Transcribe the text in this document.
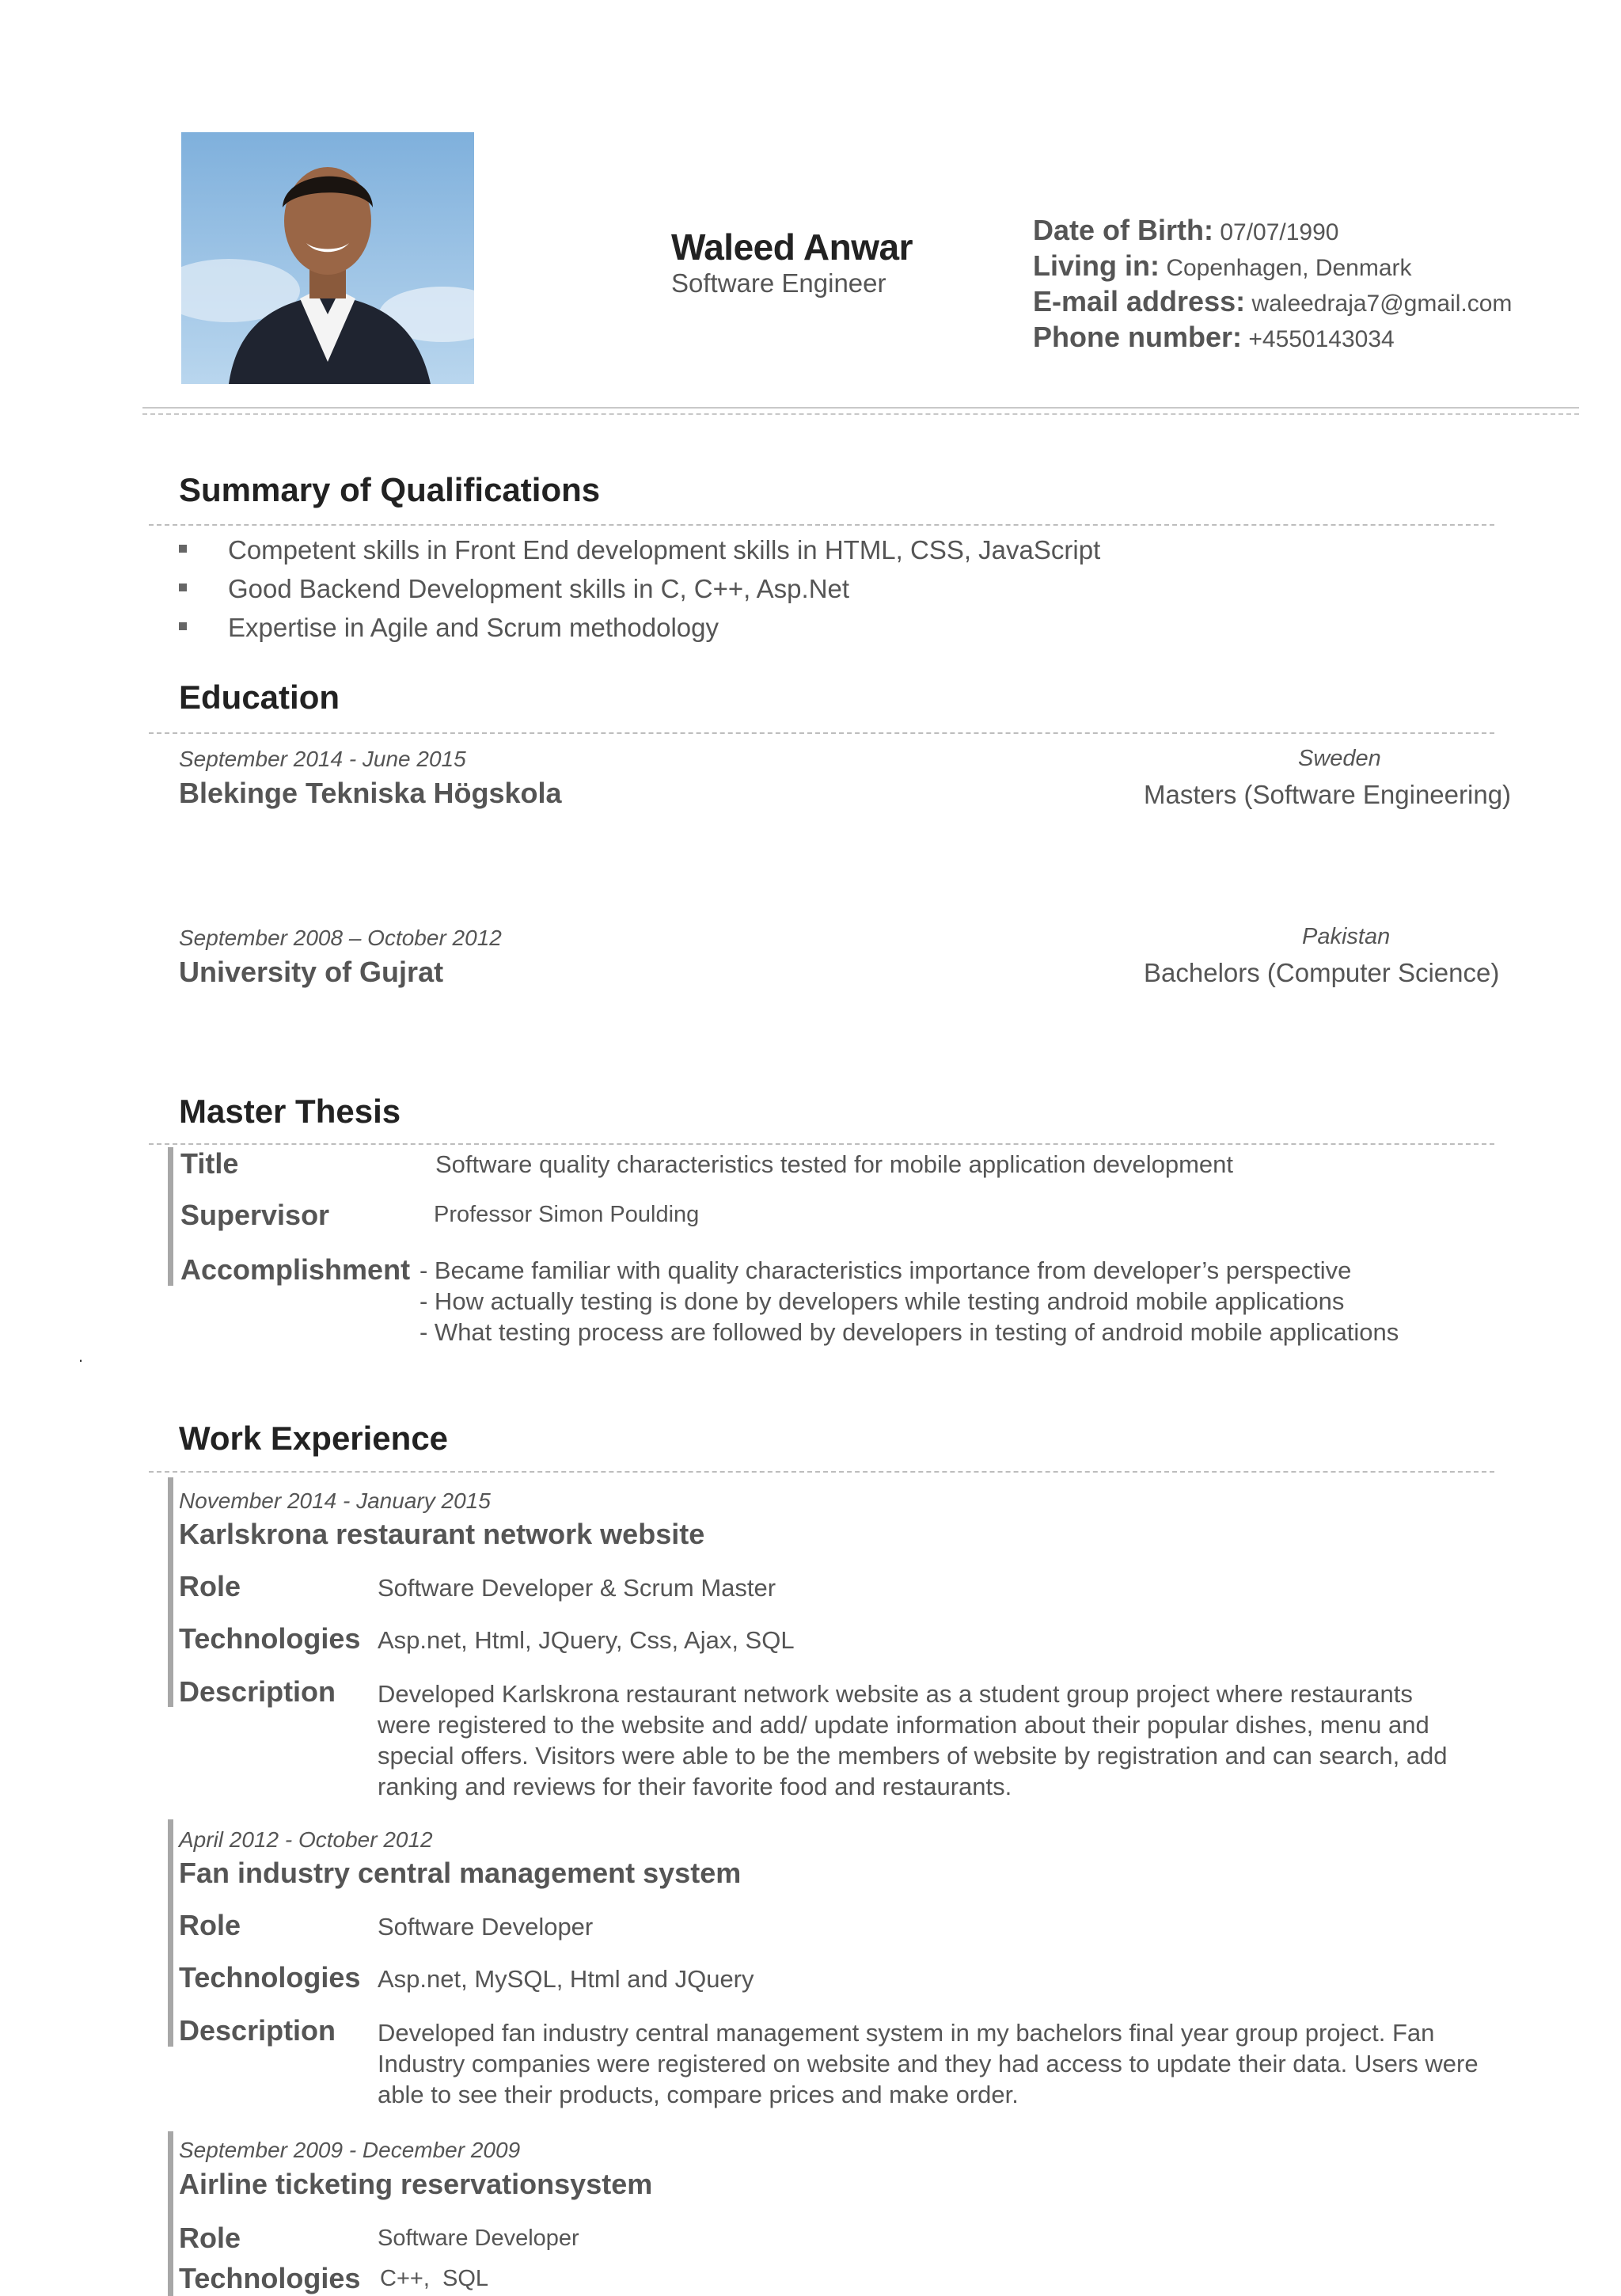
Waleed Anwar
Software Engineer
Date of Birth: 07/07/1990
Living in: Copenhagen, Denmark
E-mail address: waleedraja7@gmail.com
Phone number: +4550143034
Summary of Qualifications
Competent skills in Front End development skills in HTML, CSS, JavaScript
Good Backend Development skills in C, C++, Asp.Net
Expertise in Agile and Scrum methodology
Education
September 2014 - June 2015
Blekinge Tekniska Högskola
Sweden
Masters (Software Engineering)
September 2008 – October 2012
University of Gujrat
Pakistan
Bachelors (Computer Science)
Master Thesis
Title	Software quality characteristics tested for mobile application development
Supervisor	Professor Simon Poulding
Accomplishment - Became familiar with quality characteristics importance from developer’s perspective
- How actually testing is done by developers while testing android mobile applications
- What testing process are followed by developers in testing of android mobile applications
.
Work Experience
November 2014 - January 2015
Karlskrona restaurant network website
Role	Software Developer & Scrum Master
Technologies Asp.net, Html, JQuery, Css, Ajax, SQL
Description Developed Karlskrona restaurant network website as a student group project where restaurants
were registered to the website and add/ update information about their popular dishes, menu and
special offers. Visitors were able to be the members of website by registration and can search, add
ranking and reviews for their favorite food and restaurants.
April 2012 - October 2012
Fan industry central management system
Role	Software Developer
Technologies Asp.net, MySQL, Html and JQuery
Description Developed fan industry central management system in my bachelors final year group project. Fan
Industry companies were registered on website and they had access to update their data. Users were
able to see their products, compare prices and make order.
September 2009 - December 2009
Airline ticketing reservationsystem
Role	Software Developer
Technologies C++,  SQL
